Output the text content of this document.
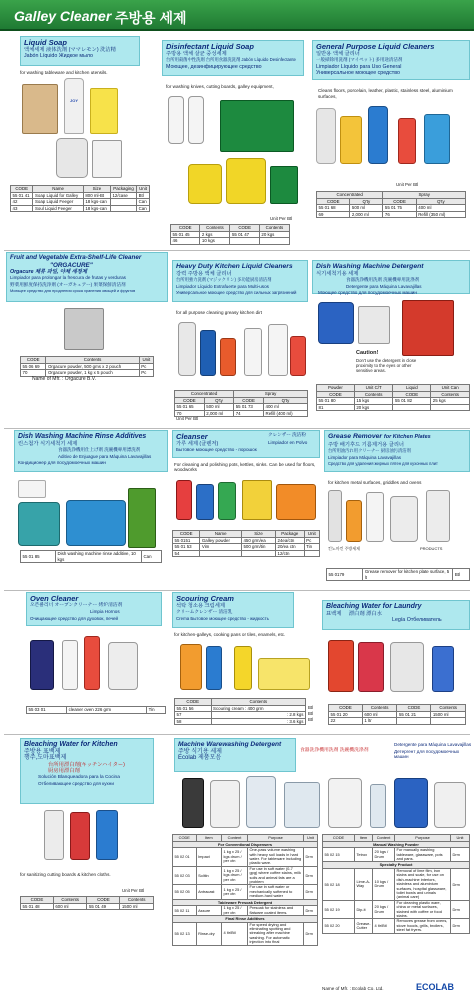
Galley Cleaner 주방용 세제
Liquid Soap
액체세제 液体洗剤 (ママレモン) 洗洁精
Jabón Líquido Жидкое мыло
for washing tableware and kitchen utensils.
JOY
CODE	Name	Size	Packaging	Unit
55 01 41	Soap Liquid for Galley	800 ml-Bt	12/case	Btl
42	Soap Liquid Feeger	18 kgs-can		Can
43	Soul Liquid Feeger	18 kgs-can		Can
Disinfectant Liquid Soap
주방용 액체 살균 중성세제
台所用殺菌中性洗剤 台所用食器洗洗剤 Jabón Líquido Desinfectante
Моющее, дезинфицирующее средство
for washing knives, cutting boards, galley equipment,
Unit Per Btl
CODE	Contents	CODE	Contents
55 01 45	2 kgs	55 01 47	20 kgs
46	10 kgs		
General Purpose Liquid Cleaners
일반용 액체 클리너
一般掃除用洗剤 (マイペット) 多用途清洁剂
Limpiador Líquido para Uso General
Универсальное моющее средство
Cleans floors, porcelain, leather, plastic, stainless steel, aluminium surfaces,
Unit Per Btl
Concentrated		Spray	
CODE	Q'ty	CODE	Q'ty
55 01 68	500 ml	55 01 75	400 ml
69	2,000 ml	76	Refill (350 ml)
Fruit and Vegetable Extra-Shelf-Life Cleaner
"ORGACURE"
Orgacure 채류 과일, 야채 세정제
Limpiador para prolongar la frescura de frutas y verduras
野菜用鮮度保持洗浄剤 (オーガキュアー) 果菜保鮮清洁剂
Моющее средство для продления срока хранения овощей и фруктов
CODE	Contents	Unit
55 06 69	Orgacure powder, 500 gms x 2 pouch	Pc
70	Orgacure powder, 1 kg x 5 pouch	Pc
Name of Mfr. : Orgacure B.V.
Heavy Duty Kitchen Liquid Cleaners
강력 주방용 액체 클리너
台所用強力洗剤 (マジックリン) 多功能厨房清洁剂
Limpiador Líquido Extrafuerte para Multi-usos
Универсальное моющее средство для сильных загрязнений
for all purpose cleaning greasy kitchen dirt
Concentrated		Spray	
CODE	Q'ty	CODE	Q'ty
55 01 65	500 ml	55 01 73	400 ml
70	2,000 ml	74	Refill (400 ml)
Unit Per Btl
Dish Washing Machine Detergent
식기세척기용 세제
食器洗浄機用洗剤 洗碗機專用洗涤剂
Detergente para Máquina Lavavajillas
Моющее средство для посудомоечных машин
Caution!
Don't use the detergent in close proximity to the eyes or other sensitive areas.
Powder	Unit C/T	Liquid	Unit Can
CODE	Contents	CODE	Contents
55 01 80	15 kgs	55 01 82	25 kgs
81	20 kgs		
Dish Washing Machine Rinse Additives
린스첨가 식기세척기 세제
食器洗浄機用仕上げ剤 洗碗機專用漂洗剂
Aditivo de Enjuague para Máquina Lavavajillas
Кондиционер для посудомоечных машин
55 01 85	Dish washing machine rinse additive, 10 kgs	Can
Cleanser
가루 세제 (클렌저)
Бытовое моющее средство - порошок
クレンザー 洗洁粉
Limpiador en Polvo
For cleaning and polishing pots, kettles, sinks. Can be used for floors, woodworks
CODE	Name	Size	Package	Unit
55 0151	Galley powder	450 grm/ea	24ea/ctn	Pc
55 01 53	Vim	500 grm/tin	20/ea ctn	Tin
54			12/ctn	
Grease Remover for Kitchen Plates
주방 배기후드 기름제거용 클리너
台所用油汚れ用クリーナー 厨房油污清洁剂
Limpiador para Máquina Lavavajillas
Средство для удаления жирных пятен для кухонных плит
for kitchen metal surfaces, griddles and ovens
킨노마킨 주방세제	PRODUCTS
55 0179	Grease remover for kitchen plate surface, 5 lt	Btl
Oven Cleaner
오븐클리너 オーブンクリーナー 烤炉清洁剂
Limpia Hornos
Очищающее средство для духовок, печей
55 03 01	cleaner oven 226 grm	Tin
Scouring Cream
석탁 청소용 크림세제
クリームクレンザー 清洁乳
Crema Бытовое моющее средство - жидкость
for kitchen-galleys, cooking pans or tiles, enamels, etc.
CODE	Contents
55 01 56	Scouring cream : 400 grm
57	: 2.8 kgs
58	: 3.6 kgs
Btl
Btl
Btl
Bleaching Water for Laundry
표백제 漂白剤 漂白水
Legía Отбеливатель
CODE	Contents	CODE	Contents
55 01 20	600 ml	55 01 21	1500 ml
22	1 ltr		
Bleaching Water for Kitchen
주방용 표백제
행주,도마표백제
台所用漂白剤(キッチンハイター)
厨房用漂白剤
Solución Blanqueadora para la Cocina
Отбеливающее средство для кухни
for sanitizing cutting boards & kitchen cloths.
Unit Per Btl
CODE	Contents	CODE	Contents
55 01 48	600 ml	55 01 49	1500 ml
Machine Warewashing Detergent
주방 식기용 세제
Ecolab 제품모음
食器洗浄機用洗剤 洗碗機洗涤剂
Detergente para Máquina Lavavajillas
Детергент для посудомоечных машин
CODE	Item	Content	Purpose	Unit
For Conventional Dispensers				
55 02 01	Impact	1 kg x 25 / kgs drum / per ctn	One-pass volume washing with heavy soil loads in hard water. For tableware including plastic ware.	Drm
55 02 03	Solitin	1 kg x 25 / kgs drum / per ctn	For use in soft water (0-7 gpg) where coffee stains, milk soils and animal fats are a problem	Drm
55 02 05	Antracast	1 kg x 25 / per ctn	For use in soft water or mechanically softened to medium-hard water	Drm
Tableware Presoak Detergent				
55 02 11	Assure	1 kg x 25 / per ctn	Presoak for stainless and flatware coated items.	Drm
Final Rinse Additives				
55 02 13	Rinse-dry	4 ltr/Btl	For speed drying and eliminating spotting and streaking after machine washing. For automatic injection into final	Drm
CODE	Item	Content	Purpose	Unit
Manual Washing Powder				
55 02 15	Tetrox	20 kgs / Drum	For manually washing tableware, glassware, pots and pans.	Drm
Specialty Product				
55 02 18	Lime-A-Way	10 kgs / Drum	Removal of lime film, iron stains and scale, for use on dish-machine interiors, stainless and aluminium surfaces, hospital glassware, toilet bowls and urinals (animal care)	Drm
55 02 19	Dip-it	20 kgs / Drum	For cleaning plastic ware, china or metal surfaces, stained with coffee or food stains.	Drm
55 02 20	Grease-Cutter	4 ltr/Btl	Removes grease from ovens, stove hoods, grills, broilers, steel fat fryers.	Drm
Name of Mfr. : Ecolab Co. Ltd.	ECOLAB
